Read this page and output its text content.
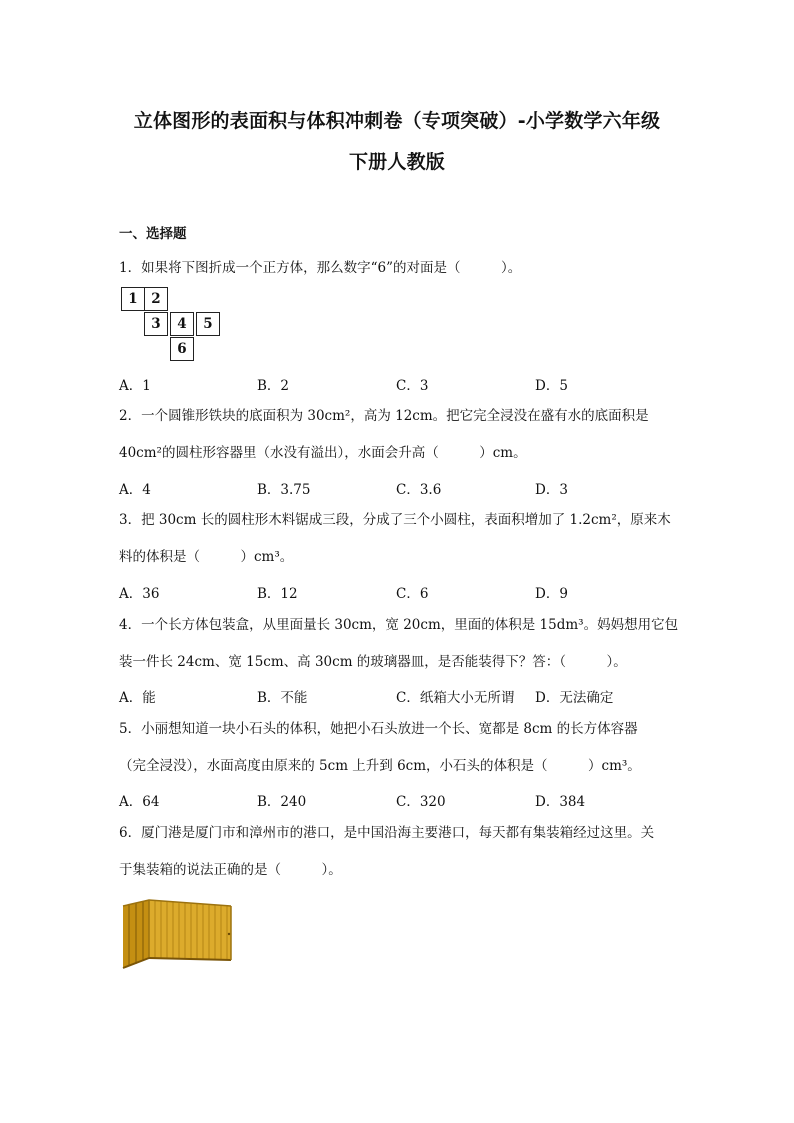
立体图形的表面积与体积冲刺卷（专项突破）-小学数学六年级
下册人教版
一、选择题
1．如果将下图折成一个正方体，那么数字“6”的对面是（　　　）。
1	2
3	4	5
6
A．1	B．2	C．3	D．5
2．一个圆锥形铁块的底面积为 30cm²，高为 12cm。把它完全浸没在盛有水的底面积是
40cm²的圆柱形容器里（水没有溢出），水面会升高（　　　）cm。
A．4	B．3.75	C．3.6	D．3
3．把 30cm 长的圆柱形木料锯成三段，分成了三个小圆柱，表面积增加了 1.2cm²，原来木
料的体积是（　　　）cm³。
A．36	B．12	C．6	D．9
4．一个长方体包装盒，从里面量长 30cm，宽 20cm，里面的体积是 15dm³。妈妈想用它包
装一件长 24cm、宽 15cm、高 30cm 的玻璃器皿，是否能装得下？答：（　　　）。
A．能	B．不能	C．纸箱大小无所谓 D．无法确定
5．小丽想知道一块小石头的体积，她把小石头放进一个长、宽都是 8cm 的长方体容器
（完全浸没），水面高度由原来的 5cm 上升到 6cm，小石头的体积是（　　　）cm³。
A．64	B．240	C．320	D．384
6．厦门港是厦门市和漳州市的港口，是中国沿海主要港口，每天都有集装箱经过这里。关
于集装箱的说法正确的是（　　　）。
